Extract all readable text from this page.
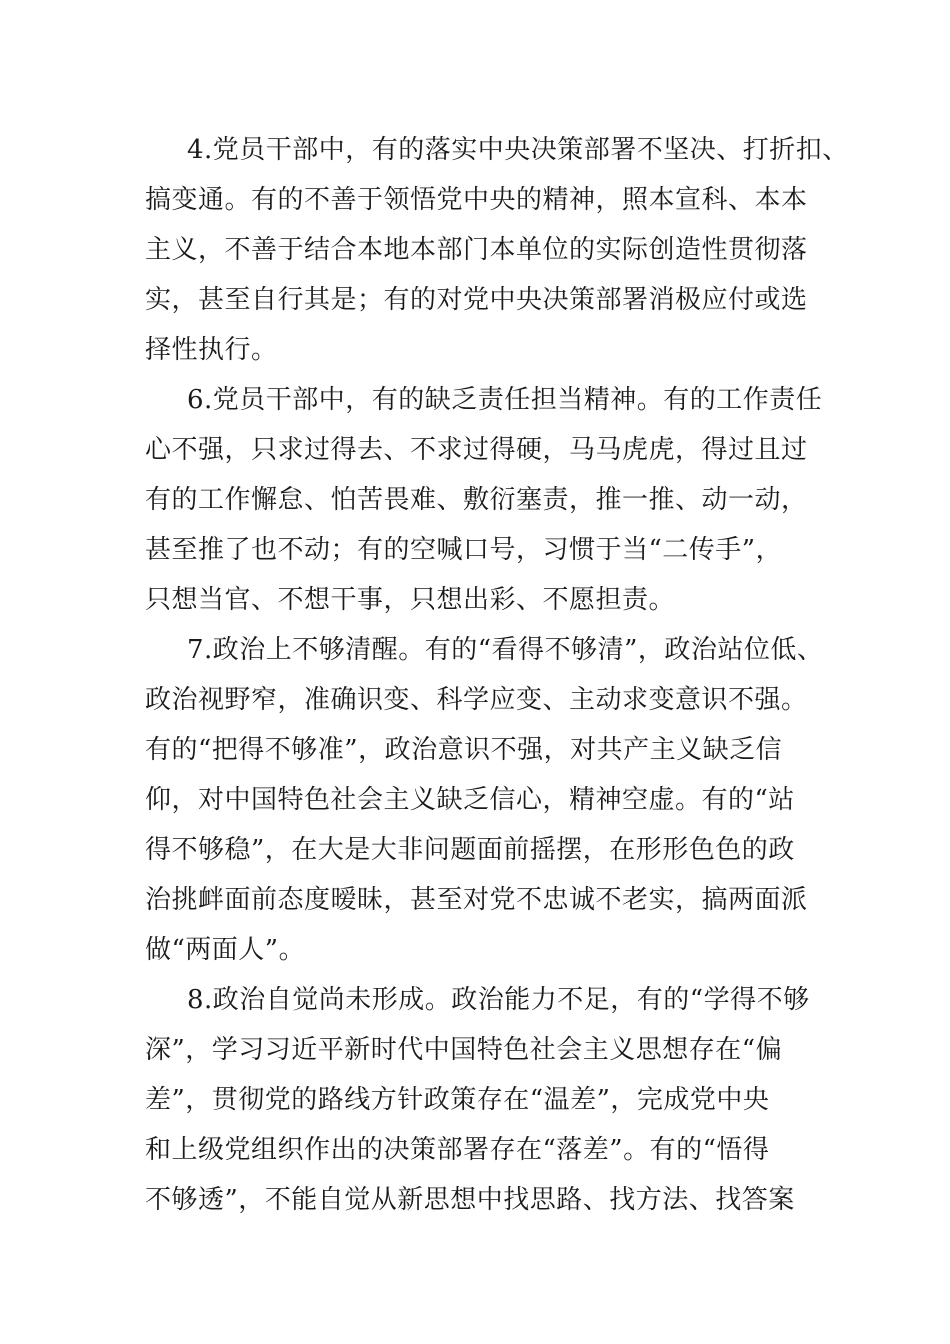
4.党员干部中，有的落实中央决策部署不坚决、打折扣、
搞变通。有的不善于领悟党中央的精神，照本宣科、本本
主义，不善于结合本地本部门本单位的实际创造性贯彻落
实，甚至自行其是；有的对党中央决策部署消极应付或选
择性执行。
6.党员干部中，有的缺乏责任担当精神。有的工作责任
心不强，只求过得去、不求过得硬，马马虎虎，得过且过
有的工作懈怠、怕苦畏难、敷衍塞责，推一推、动一动，
甚至推了也不动；有的空喊口号，习惯于当“二传手”，
只想当官、不想干事，只想出彩、不愿担责。
7.政治上不够清醒。有的“看得不够清”，政治站位低、
政治视野窄，准确识变、科学应变、主动求变意识不强。
有的“把得不够准”，政治意识不强，对共产主义缺乏信
仰，对中国特色社会主义缺乏信心，精神空虚。有的“站
得不够稳”，在大是大非问题面前摇摆，在形形色色的政
治挑衅面前态度暧昧，甚至对党不忠诚不老实，搞两面派
做“两面人”。
8.政治自觉尚未形成。政治能力不足，有的“学得不够
深”，学习习近平新时代中国特色社会主义思想存在“偏
差”，贯彻党的路线方针政策存在“温差”，完成党中央
和上级党组织作出的决策部署存在“落差”。有的“悟得
不够透”，不能自觉从新思想中找思路、找方法、找答案
